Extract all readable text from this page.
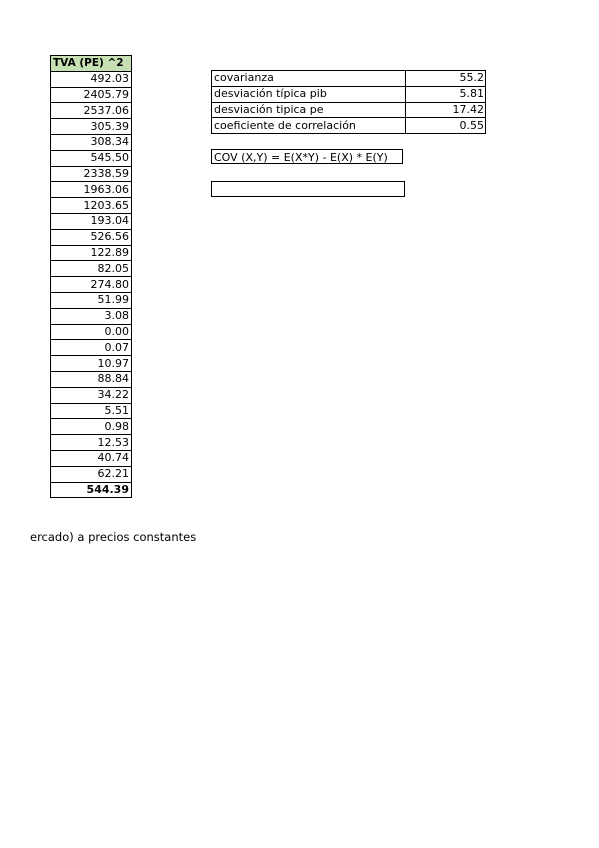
TVA (PE) ^2
492.03
2405.79
2537.06
305.39
308.34
545.50
2338.59
1963.06
1203.65
193.04
526.56
122.89
82.05
274.80
51.99
3.08
0.00
0.07
10.97
88.84
34.22
5.51
0.98
12.53
40.74
62.21
544.39
covarianza	55.2
desviación típica pib	5.81
desviación tipica pe	17.42
coeficiente de correlación	0.55
COV (X,Y) = E(X*Y) - E(X) * E(Y)
ercado) a precios constantes
